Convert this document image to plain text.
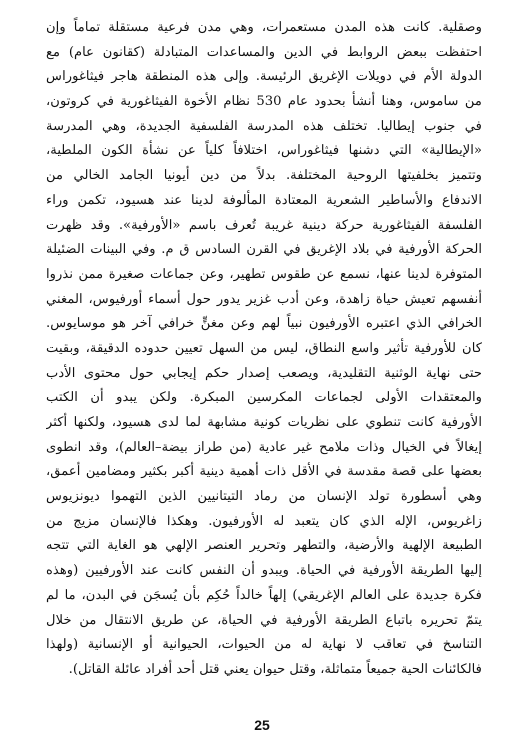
وصقلية. كانت هذه المدن مستعمرات، وهي مدن فرعية مستقلة تماماً وإن
احتفظت ببعض الروابط في الدين والمساعدات المتبادلة (كقانون عام) مع
الدولة الأم في دويلات الإغريق الرئيسة. وإلى هذه المنطقة هاجر فيثاغوراس
من ساموس، وهنا أنشأ بحدود عام 530 نظام الأخوة الفيثاغورية في كروتون،
في جنوب إيطاليا. تختلف هذه المدرسة الفلسفية الجديدة، وهي المدرسة
«الإيطالية» التي دشنها فيثاغوراس، اختلافاً كلياً عن نشأة الكون الملطية،
وتتميز بخلفيتها الروحية المختلفة. بدلاً من دين أيونيا الجامد الخالي من
الاندفاع والأساطير الشعرية المعتادة المألوفة لدينا عند هسيود، تكمن وراء
الفلسفة الفيثاغورية حركة دينية غريبة تُعرف باسم «الأورفية». وقد ظهرت
الحركة الأورفية في بلاد الإغريق في القرن السادس ق م. وفي البينات الضئيلة
المتوفرة لدينا عنها، نسمع عن طقوس تطهير، وعن جماعات صغيرة ممن نذروا
أنفسهم تعيش حياة زاهدة، وعن أدب غزير يدور حول أسماء أورفيوس، المغني
الخرافي الذي اعتبره الأورفيون نبياً لهم وعن مغنٍّ خرافي آخر هو موسايوس.
كان للأورفية تأثير واسع النطاق، ليس من السهل تعيين حدوده الدقيقة، وبقيت
حتى نهاية الوثنية التقليدية، ويصعب إصدار حكم إيجابي حول محتوى الأدب
والمعتقدات الأولى لجماعات المكرسين المبكرة. ولكن يبدو أن الكتب
الأورفية كانت تنطوي على نظريات كونية مشابهة لما لدى هسيود، ولكنها أكثر
إيغالاً في الخيال وذات ملامح غير عادية (من طراز بيضة–العالم)، وقد انطوى
بعضها على قصة مقدسة في الأقل ذات أهمية دينية أكبر بكثير ومضامين أعمق،
وهي أسطورة تولد الإنسان من رماد التيتانيين الذين التهموا ديونزيوس
زاغريوس، الإله الذي كان يتعبد له الأورفيون. وهكذا فالإنسان مزيج من
الطبيعة الإلهية والأرضية، والتطهر وتحرير العنصر الإلهي هو الغاية التي تتجه
إليها الطريقة الأورفية في الحياة. ويبدو أن النفس كانت عند الأورفيين (وهذه
فكرة جديدة على العالم الإغريقي) إلهاً خالداً حُكِم بأن يُسجَن في البدن، ما لم
يتمّ تحريره باتباع الطريقة الأورفية في الحياة، عن طريق الانتقال من خلال
التناسخ في تعاقب لا نهاية له من الحيوات، الحيوانية أو الإنسانية (ولهذا
فالكائنات الحية جميعاً متماثلة، وقتل حيوان يعني قتل أحد أفراد عائلة القاتل).
25
